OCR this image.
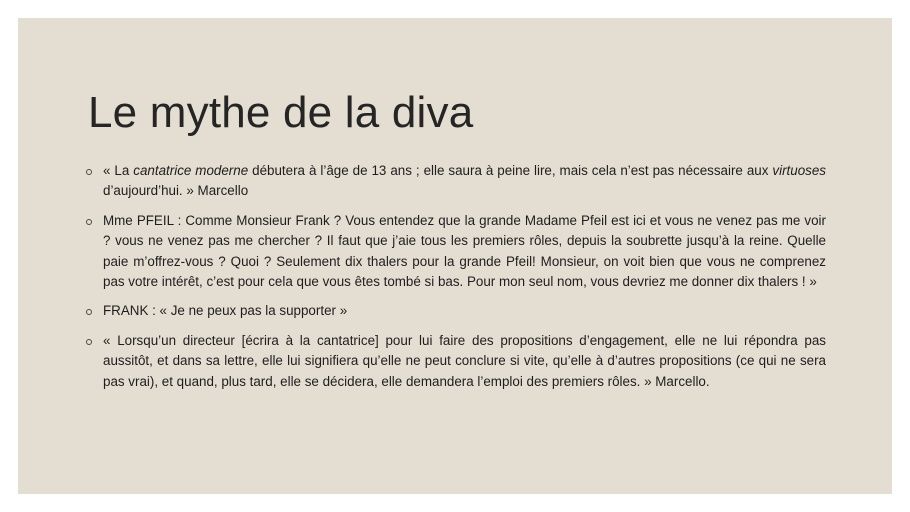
Le mythe de la diva
« La cantatrice moderne débutera à l’âge de 13 ans ; elle saura à peine lire, mais cela n’est pas nécessaire aux virtuoses d’aujourd’hui. » Marcello
Mme PFEIL : Comme Monsieur Frank ? Vous entendez que la grande Madame Pfeil est ici et vous ne venez pas me voir ? vous ne venez pas me chercher ? Il faut que j’aie tous les premiers rôles, depuis la soubrette jusqu’à la reine. Quelle paie m’offrez-vous ? Quoi ? Seulement dix thalers pour la grande Pfeil! Monsieur, on voit bien que vous ne comprenez pas votre intérêt, c’est pour cela que vous êtes tombé si bas. Pour mon seul nom, vous devriez me donner dix thalers ! »
FRANK : « Je ne peux pas la supporter »
« Lorsqu’un directeur [écrira à la cantatrice] pour lui faire des propositions d’engagement, elle ne lui répondra pas aussitôt, et dans sa lettre, elle lui signifiera qu’elle ne peut conclure si vite, qu’elle à d’autres propositions (ce qui ne sera pas vrai), et quand, plus tard, elle se décidera, elle demandera l’emploi des premiers rôles. » Marcello.
